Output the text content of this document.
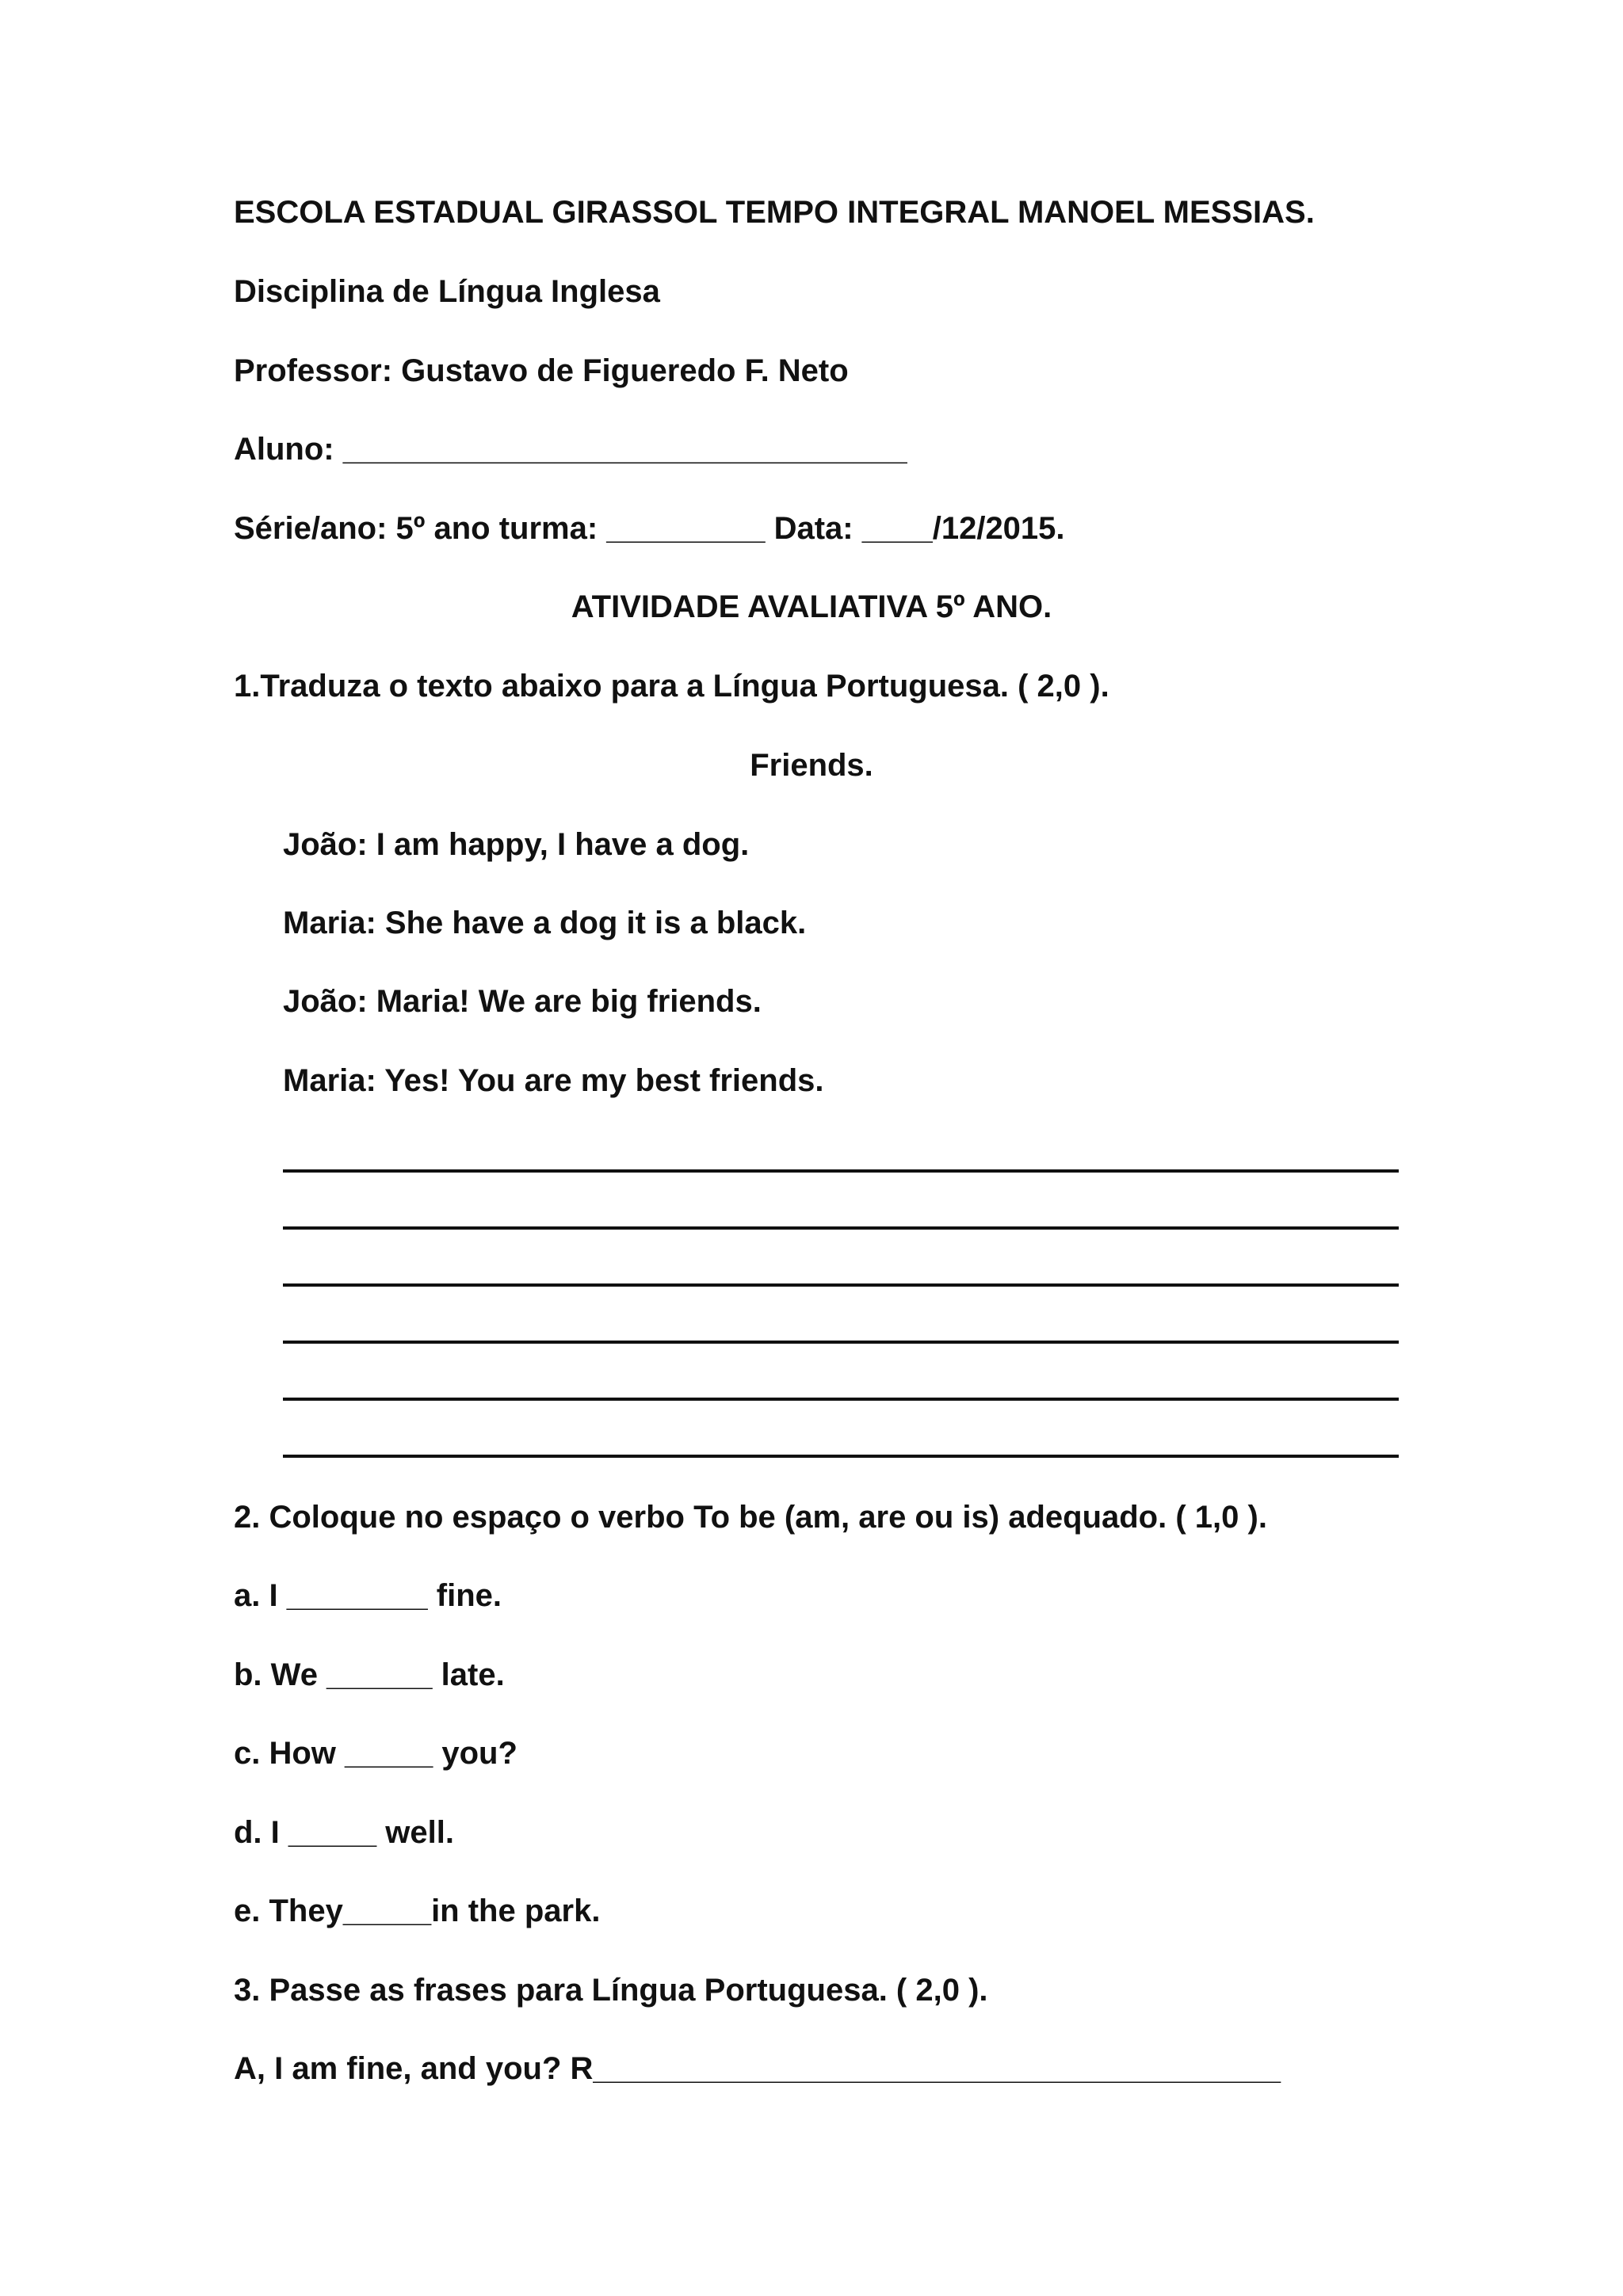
ESCOLA ESTADUAL GIRASSOL TEMPO INTEGRAL MANOEL MESSIAS.

Disciplina de Língua Inglesa

Professor: Gustavo de Figueredo F. Neto

Aluno: ________________________________

Série/ano: 5º ano turma: _________ Data: ____/12/2015.

ATIVIDADE AVALIATIVA 5º ANO.

1.Traduza o texto abaixo para a Língua Portuguesa. ( 2,0 ).

Friends.

João: I am happy, I have a dog.

Maria: She have a dog it is a black.

João: Maria! We are big friends.

Maria: Yes! You are my best friends.

2. Coloque no espaço o verbo To be (am, are ou is) adequado. ( 1,0 ).

a. I ________ fine.

b. We ______ late.

c. How _____ you?

d. I _____ well.

e. They_____in the park.

3. Passe as frases para Língua Portuguesa. ( 2,0 ).

A, I am fine, and you? R_______________________________________
